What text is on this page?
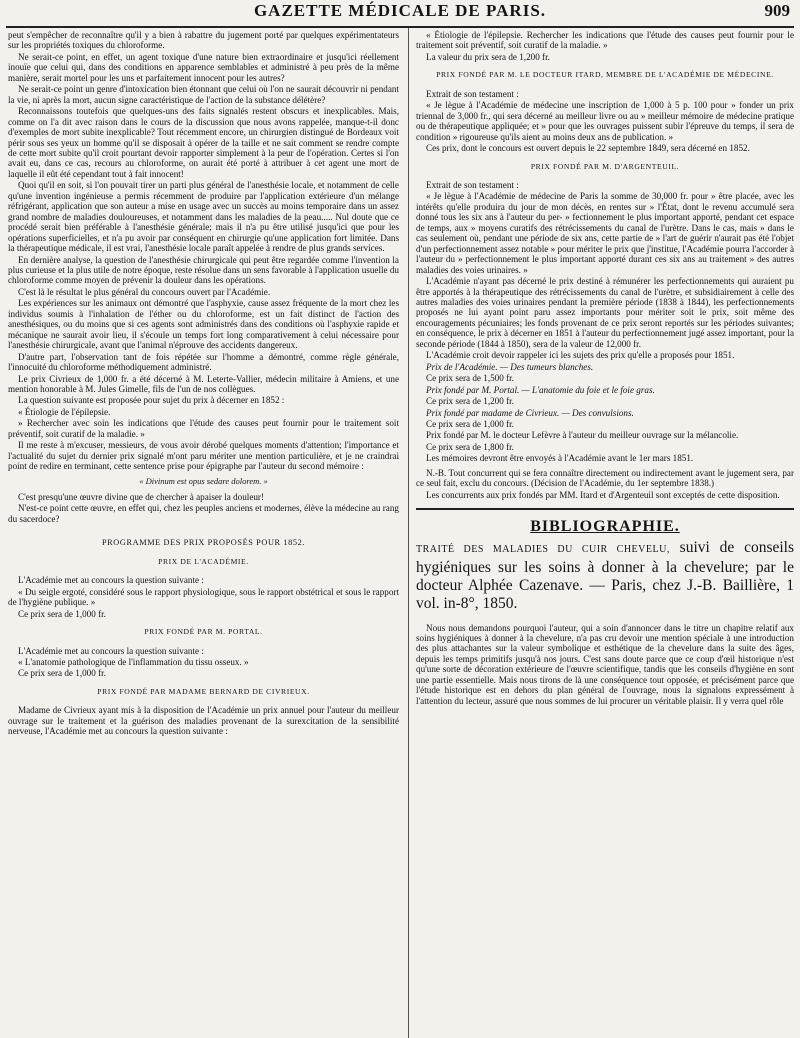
GAZETTE MÉDICALE DE PARIS.	909

peut s'empêcher de reconnaître qu'il y a bien à rabattre du jugement porté par quelques expérimentateurs sur les propriétés toxiques du chloroforme.

Ne serait-ce point, en effet, un agent toxique d'une nature bien extraordinaire et jusqu'ici réellement inouïe que celui qui, dans des conditions en apparence semblables et administré à peu près de la même manière, serait mortel pour les uns et parfaitement innocent pour les autres?

Ne serait-ce point un genre d'intoxication bien étonnant que celui où l'on ne saurait découvrir ni pendant la vie, ni après la mort, aucun signe caractéristique de l'action de la substance délétère?

Reconnaissons toutefois que quelques-uns des faits signalés restent obscurs et inexplicables. Mais, comme on l'a dit avec raison dans le cours de la discussion que nous avons rappelée, manque-t-il donc d'exemples de mort subite inexplicable? Tout récemment encore, un chirurgien distingué de Bordeaux voit périr sous ses yeux un homme qu'il se disposait à opérer de la taille et ne sait comment se rendre compte de cette mort subite qu'il croit pourtant devoir rapporter simplement à la peur de l'opération. Certes si l'on avait eu, dans ce cas, recours au chloroforme, on aurait été porté à attribuer à cet agent une mort de laquelle il eût été cependant tout à fait innocent!

Quoi qu'il en soit, si l'on pouvait tirer un parti plus général de l'anesthésie locale, et notamment de celle qu'une invention ingénieuse a permis récemment de produire par l'application extérieure d'un mélange réfrigérant, application que son auteur a mise en usage avec un succès au moins temporaire dans un assez grand nombre de maladies douloureuses, et notamment dans les maladies de la peau..... Nul doute que ce procédé serait bien préférable à l'anesthésie générale; mais il n'a pu être utilisé jusqu'ici que pour les opérations superficielles, et n'a pu avoir par conséquent en chirurgie qu'une application fort limitée. Dans la thérapeutique médicale, il est vrai, l'anesthésie locale paraît appelée à rendre de plus grands services.

En dernière analyse, la question de l'anesthésie chirurgicale qui peut être regardée comme l'invention la plus curieuse et la plus utile de notre époque, reste résolue dans un sens favorable à l'application usuelle du chloroforme comme moyen de prévenir la douleur dans les opérations.

C'est là le résultat le plus général du concours ouvert par l'Académie.

Les expériences sur les animaux ont démontré que l'asphyxie, cause assez fréquente de la mort chez les individus soumis à l'inhalation de l'éther ou du chloroforme, est un fait distinct de l'action des anesthésiques, ou du moins que si ces agents sont administrés dans des conditions où l'asphyxie rapide et mécanique ne saurait avoir lieu, il s'écoule un temps fort long comparativement à celui nécessaire pour l'anesthésie chirurgicale, avant que l'animal n'éprouve des accidents dangereux.

D'autre part, l'observation tant de fois répétée sur l'homme a démontré, comme règle générale, l'innocuité du chloroforme méthodiquement administré.

Le prix Civrieux de 1,000 fr. a été décerné à M. Leterte-Vallier, médecin militaire à Amiens, et une mention honorable à M. Jules Gimelle, fils de l'un de nos collègues.

La question suivante est proposée pour sujet du prix à décerner en 1852 :

« Étiologie de l'épilepsie.

» Rechercher avec soin les indications que l'étude des causes peut fournir pour le traitement soit préventif, soit curatif de la maladie. »

Il me reste à m'excuser, messieurs, de vous avoir dérobé quelques moments d'attention; l'importance et l'actualité du sujet du dernier prix signalé m'ont paru mériter une mention particulière, et je ne craindrai point de redire en terminant, cette sentence prise pour épigraphe par l'auteur du second mémoire :

« Divinum est opus sedare dolorem. »

C'est presqu'une œuvre divine que de chercher à apaiser la douleur!

N'est-ce point cette œuvre, en effet qui, chez les peuples anciens et modernes, élève la médecine au rang du sacerdoce?

PROGRAMME DES PRIX PROPOSÉS POUR 1852.
PRIX DE L'ACADÉMIE.

L'Académie met au concours la question suivante :

« Du seigle ergoté, considéré sous le rapport physiologique, sous le rapport obstétrical et sous le rapport de l'hygiène publique. »

Ce prix sera de 1,000 fr.

PRIX FONDÉ PAR M. PORTAL.

L'Académie met au concours la question suivante :

« L'anatomie pathologique de l'inflammation du tissu osseux. »

Ce prix sera de 1,000 fr.

PRIX FONDÉ PAR MADAME BERNARD DE CIVRIEUX.

Madame de Civrieux ayant mis à la disposition de l'Académie un prix annuel pour l'auteur du meilleur ouvrage sur le traitement et la guérison des maladies provenant de la surexcitation de la sensibilité nerveuse, l'Académie met au concours la question suivante :

« Étiologie de l'épilepsie. Rechercher les indications que l'étude des causes peut fournir pour le traitement soit préventif, soit curatif de la maladie. »

La valeur du prix sera de 1,200 fr.

PRIX FONDÉ PAR M. LE DOCTEUR ITARD, MEMBRE DE L'ACADÉMIE DE MÉDECINE.

Extrait de son testament :

« Je lègue à l'Académie de médecine une inscription de 1,000 à 5 p. 100 pour » fonder un prix triennal de 3,000 fr., qui sera décerné au meilleur livre ou au » meilleur mémoire de médecine pratique ou de thérapeutique appliquée; et » pour que les ouvrages puissent subir l'épreuve du temps, il sera de condition » rigoureuse qu'ils aient au moins deux ans de publication. »

Ces prix, dont le concours est ouvert depuis le 22 septembre 1849, sera décerné en 1852.

PRIX FONDÉ PAR M. D'ARGENTEUIL.

Extrait de son testament :

« Je lègue à l'Académie de médecine de Paris la somme de 30,000 fr. pour » être placée, avec les intérêts qu'elle produira du jour de mon décès, en rentes sur » l'État, dont le revenu accumulé sera donné tous les six ans à l'auteur du per- » fectionnement le plus important apporté, pendant cet espace de temps, aux » moyens curatifs des rétrécissements du canal de l'urètre. Dans le cas, mais » dans le cas seulement où, pendant une période de six ans, cette partie de » l'art de guérir n'aurait pas été l'objet d'un perfectionnement assez notable » pour mériter le prix que j'institue, l'Académie pourra l'accorder à l'auteur du » perfectionnement le plus important apporté durant ces six ans au traitement » des autres maladies des voies urinaires. »

L'Académie n'ayant pas décerné le prix destiné à rémunérer les perfectionnements qui auraient pu être apportés à la thérapeutique des rétrécissements du canal de l'urètre, et subsidiairement à celle des autres maladies des voies urinaires pendant la première période (1838 à 1844), les perfectionnements proposés ne lui ayant point paru assez importants pour mériter soit le prix, soit même des encouragements pécuniaires; les fonds provenant de ce prix seront reportés sur les périodes suivantes; en conséquence, le prix à décerner en 1851 à l'auteur du perfectionnement jugé assez important, pour la seconde période (1844 à 1850), sera de la valeur de 12,000 fr.

L'Académie croit devoir rappeler ici les sujets des prix qu'elle a proposés pour 1851.

Prix de l'Académie. — Des tumeurs blanches.

Ce prix sera de 1,500 fr.

Prix fondé par M. Portal. — L'anatomie du foie et le foie gras.

Ce prix sera de 1,200 fr.

Prix fondé par madame de Civrieux. — Des convulsions.

Ce prix sera de 1,000 fr.

Prix fondé par M. le docteur Lefèvre à l'auteur du meilleur ouvrage sur la mélancolie.

Ce prix sera de 1,800 fr.

Les mémoires devront être envoyés à l'Académie avant le 1er mars 1851.

N.-B. Tout concurrent qui se fera connaître directement ou indirectement avant le jugement sera, par ce seul fait, exclu du concours. (Décision de l'Académie, du 1er septembre 1838.)

Les concurrents aux prix fondés par MM. Itard et d'Argenteuil sont exceptés de cette disposition.

BIBLIOGRAPHIE.
TRAITÉ DES MALADIES DU CUIR CHEVELU, suivi de conseils hygiéniques sur les soins à donner à la chevelure; par le docteur Alphée Cazenave. — Paris, chez J.-B. Baillière, 1 vol. in-8°, 1850.

Nous nous demandons pourquoi l'auteur, qui a soin d'annoncer dans le titre un chapitre relatif aux soins hygiéniques à donner à la chevelure, n'a pas cru devoir une mention spéciale à une introduction des plus attachantes sur la valeur symbolique et esthétique de la chevelure dans la suite des âges, depuis les temps primitifs jusqu'à nos jours. C'est sans doute parce que ce coup d'œil historique n'est qu'une sorte de décoration extérieure de l'œuvre scientifique, tandis que les conseils d'hygiène en sont une partie essentielle. Mais nous tirons de là une conséquence tout opposée, et précisément parce que l'étude historique est en dehors du plan général de l'ouvrage, nous la signalons expressément à l'attention du lecteur, assuré que nous sommes de lui procurer un véritable plaisir. Il y verra quel rôle
